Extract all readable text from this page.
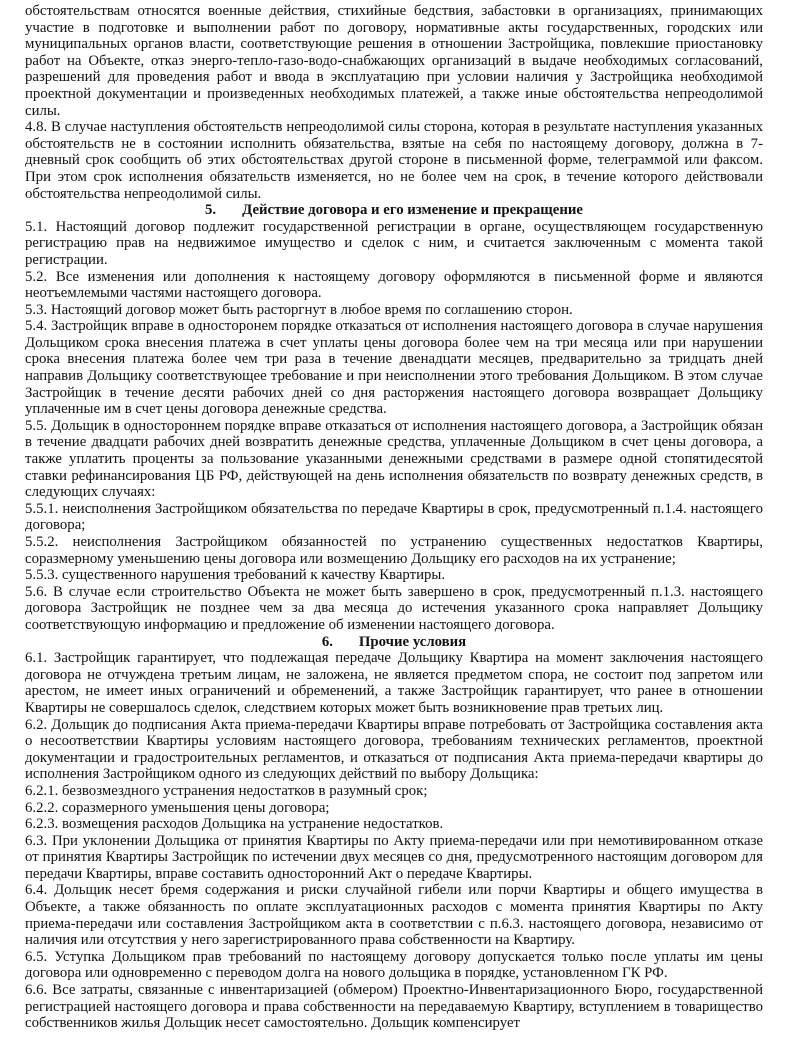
обстоятельствам относятся военные действия, стихийные бедствия, забастовки в организациях, принимающих участие в подготовке и выполнении работ по договору, нормативные акты государственных, городских или муниципальных органов власти, соответствующие решения в отношении Застройщика, повлекшие приостановку работ на Объекте, отказ энерго-тепло-газо-водо-снабжающих организаций в выдаче необходимых согласований, разрешений для проведения работ и ввода в эксплуатацию при условии наличия у Застройщика необходимой проектной документации и произведенных необходимых платежей, а также иные обстоятельства непреодолимой силы.

4.8. В случае наступления обстоятельств непреодолимой силы сторона, которая в результате наступления указанных обстоятельств не в состоянии исполнить обязательства, взятые на себя по настоящему договору, должна в 7-дневный срок сообщить об этих обстоятельствах другой стороне в письменной форме, телеграммой или факсом. При этом срок исполнения обязательств изменяется, но не более чем на срок, в течение которого действовали обстоятельства непреодолимой силы.

5. Действие договора и его изменение и прекращение

5.1. Настоящий договор подлежит государственной регистрации в органе, осуществляющем государственную регистрацию прав на недвижимое имущество и сделок с ним, и считается заключенным с момента такой регистрации.

5.2. Все изменения или дополнения к настоящему договору оформляются в письменной форме и являются неотъемлемыми частями настоящего договора.

5.3. Настоящий договор может быть расторгнут в любое время по соглашению сторон.

5.4. Застройщик вправе в одностoронем порядке отказаться от исполнения настоящего договора в случае нарушения Дольщиком срока внесения платежа в счет уплаты цены договора более чем на три месяца или при нарушении срока внесения платежа более чем три раза в течение двенадцати месяцев, предварительно за тридцать дней направив Дольщику соответствующее требование и при неисполнении этого требования Дольщиком. В этом случае Застройщик в течение десяти рабочих дней со дня расторжения настоящего договора возвращает Дольщику уплаченные им в счет цены договора денежные средства.

5.5. Дольщик в одностороннем порядке вправе отказаться от исполнения настоящего договора, а Застройщик обязан в течение двадцати рабочих дней возвратить денежные средства, уплаченные Дольщиком в счет цены договора, а также уплатить проценты за пользование указанными денежными средствами в размере одной стопятидесятой ставки рефинансирования ЦБ РФ, действующей на день исполнения обязательств по возврату денежных средств, в следующих случаях:

5.5.1. неисполнения Застройщиком обязательства по передаче Квартиры в срок, предусмотренный п.1.4. настоящего договора;

5.5.2. неисполнения Застройщиком обязанностей по устранению существенных недостатков Квартиры, соразмерному уменьшению цены договора или возмещению Дольщику его расходов на их устранение;

5.5.3. существенного нарушения требований к качеству Квартиры.

5.6. В случае если строительство Объекта не может быть завершено в срок, предусмотренный п.1.3. настоящего договора Застройщик не позднее чем за два месяца до истечения указанного срока направляет Дольщику соответствующую информацию и предложение об изменении настоящего договора.

6. Прочие условия

6.1. Застройщик гарантирует, что подлежащая передаче Дольщику Квартира на момент заключения настоящего договора не отчуждена третьим лицам, не заложена, не является предметом спора, не состоит под запретом или арестом, не имеет иных ограничений и обременений, а также Застройщик гарантирует, что ранее в отношении Квартиры не совершалось сделок, следствием которых может быть возникновение прав третьих лиц.

6.2. Дольщик до подписания Акта приема-передачи Квартиры вправе потребовать от Застройщика составления акта о несоответствии Квартиры условиям настоящего договора, требованиям технических регламентов, проектной документации и градостроительных регламентов, и отказаться от подписания Акта приема-передачи квартиры до исполнения Застройщиком одного из следующих действий по выбору Дольщика:

6.2.1. безвозмездного устранения недостатков в разумный срок;

6.2.2. соразмерного уменьшения цены договора;

6.2.3. возмещения расходов Дольщика на устранение недостатков.

6.3. При уклонении Дольщика от принятия Квартиры по Акту приема-передачи или при немотивированном отказе от принятия Квартиры Застройщик по истечении двух месяцев со дня, предусмотренного настоящим договором для передачи Квартиры, вправе составить односторонний Акт о передаче Квартиры.

6.4. Дольщик несет бремя содержания и риски случайной гибели или порчи Квартиры и общего имущества в Объекте, а также обязанность по оплате эксплуатационных расходов с момента принятия Квартиры по Акту приема-передачи или составления Застройщиком акта в соответствии с п.6.3. настоящего договора, независимо от наличия или отсутствия у него зарегистрированного права собственности на Квартиру.

6.5. Уступка Дольщиком прав требований по настоящему договору допускается только после уплаты им цены договора или одновременно с переводом долга на нового дольщика в порядке, установленном ГК РФ.

6.6. Все затраты, связанные с инвентаризацией (обмером) Проектно-Инвентаризационного Бюро, государственной регистрацией настоящего договора и права собственности на передаваемую Квартиру, вступлением в товарищество собственников жилья Дольщик несет самостоятельно. Дольщик компенсирует
